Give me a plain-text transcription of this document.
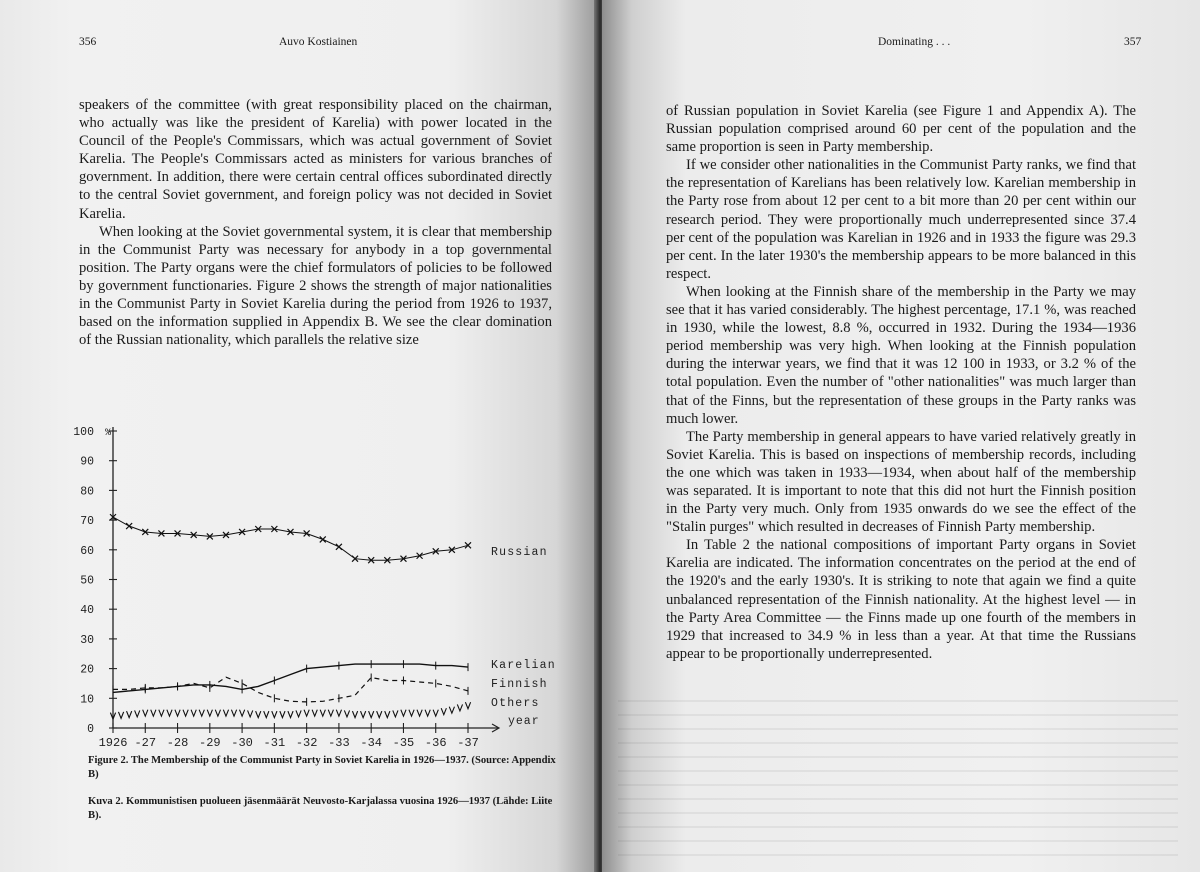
356	Auvo Kostiainen

speakers of the committee (with great responsibility placed on the chairman, who actually was like the president of Karelia) with power located in the Council of the People's Commissars, which was actual government of Soviet Karelia. The People's Commissars acted as ministers for various branches of government. In addition, there were certain central offices subordinated directly to the central Soviet government, and foreign policy was not decided in Soviet Karelia.

When looking at the Soviet governmental system, it is clear that membership in the Communist Party was necessary for anybody in a top governmental position. The Party organs were the chief formulators of policies to be followed by government functionaries. Figure 2 shows the strength of major nationalities in the Communist Party in Soviet Karelia during the period from 1926 to 1937, based on the information supplied in Appendix B. We see the clear domination of the Russian nationality, which parallels the relative size

0
10
20
30
40
50
60
70
80
90
100 %
1926 -27 -28 -29 -30 -31 -32 -33 -34 -35 -36 -37
year
Russian
Karelian
Finnish
Others
Figure 2. The Membership of the Communist Party in Soviet Karelia in 1926—1937. (Source: Appendix B)
Kuva 2. Kommunistisen puolueen jäsenmäärät Neuvosto-Karjalassa vuosina 1926—1937 (Lähde: Liite B).
Dominating . . .	357

of Russian population in Soviet Karelia (see Figure 1 and Appendix A). The Russian population comprised around 60 per cent of the population and the same proportion is seen in Party membership.

If we consider other nationalities in the Communist Party ranks, we find that the representation of Karelians has been relatively low. Karelian membership in the Party rose from about 12 per cent to a bit more than 20 per cent within our research period. They were proportionally much underrepresented since 37.4 per cent of the population was Karelian in 1926 and in 1933 the figure was 29.3 per cent. In the later 1930's the membership appears to be more balanced in this respect.

When looking at the Finnish share of the membership in the Party we may see that it has varied considerably. The highest percentage, 17.1 %, was reached in 1930, while the lowest, 8.8 %, occurred in 1932. During the 1934—1936 period membership was very high. When looking at the Finnish population during the interwar years, we find that it was 12 100 in 1933, or 3.2 % of the total population. Even the number of "other nationalities" was much larger than that of the Finns, but the representation of these groups in the Party ranks was much lower.

The Party membership in general appears to have varied relatively greatly in Soviet Karelia. This is based on inspections of membership records, including the one which was taken in 1933—1934, when about half of the membership was separated. It is important to note that this did not hurt the Finnish position in the Party very much. Only from 1935 onwards do we see the effect of the "Stalin purges" which resulted in decreases of Finnish Party membership.

In Table 2 the national compositions of important Party organs in Soviet Karelia are indicated. The information concentrates on the period at the end of the 1920's and the early 1930's. It is striking to note that again we find a quite unbalanced representation of the Finnish nationality. At the highest level — in the Party Area Committee — the Finns made up one fourth of the members in 1929 that increased to 34.9 % in less than a year. At that time the Russians appear to be proportionally underrepresented.
